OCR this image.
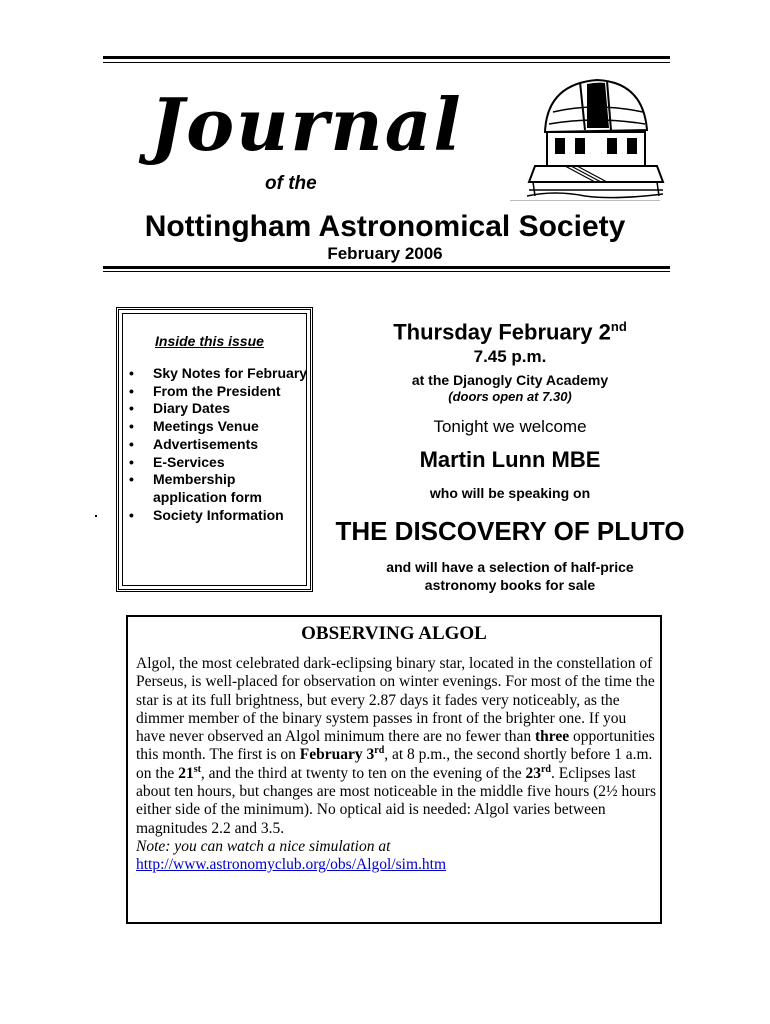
Journal
of the
Nottingham Astronomical Society
February 2006
Inside this issue
• Sky Notes for February
• From the President
• Diary Dates
• Meetings Venue
• Advertisements
• E-Services
• Membership application form
• Society Information
Thursday February 2nd
7.45 p.m.
at the Djanogly City Academy
(doors open at 7.30)
Tonight we welcome
Martin Lunn MBE
who will be speaking on
THE DISCOVERY OF PLUTO
and will have a selection of half-price astronomy books for sale
OBSERVING ALGOL
Algol, the most celebrated dark-eclipsing binary star, located in the constellation of Perseus, is well-placed for observation on winter evenings. For most of the time the star is at its full brightness, but every 2.87 days it fades very noticeably, as the dimmer member of the binary system passes in front of the brighter one. If you have never observed an Algol minimum there are no fewer than three opportunities this month. The first is on February 3rd, at 8 p.m., the second shortly before 1 a.m. on the 21st, and the third at twenty to ten on the evening of the 23rd. Eclipses last about ten hours, but changes are most noticeable in the middle five hours (2½ hours either side of the minimum). No optical aid is needed: Algol varies between magnitudes 2.2 and 3.5.
Note: you can watch a nice simulation at
http://www.astronomyclub.org/obs/Algol/sim.htm
